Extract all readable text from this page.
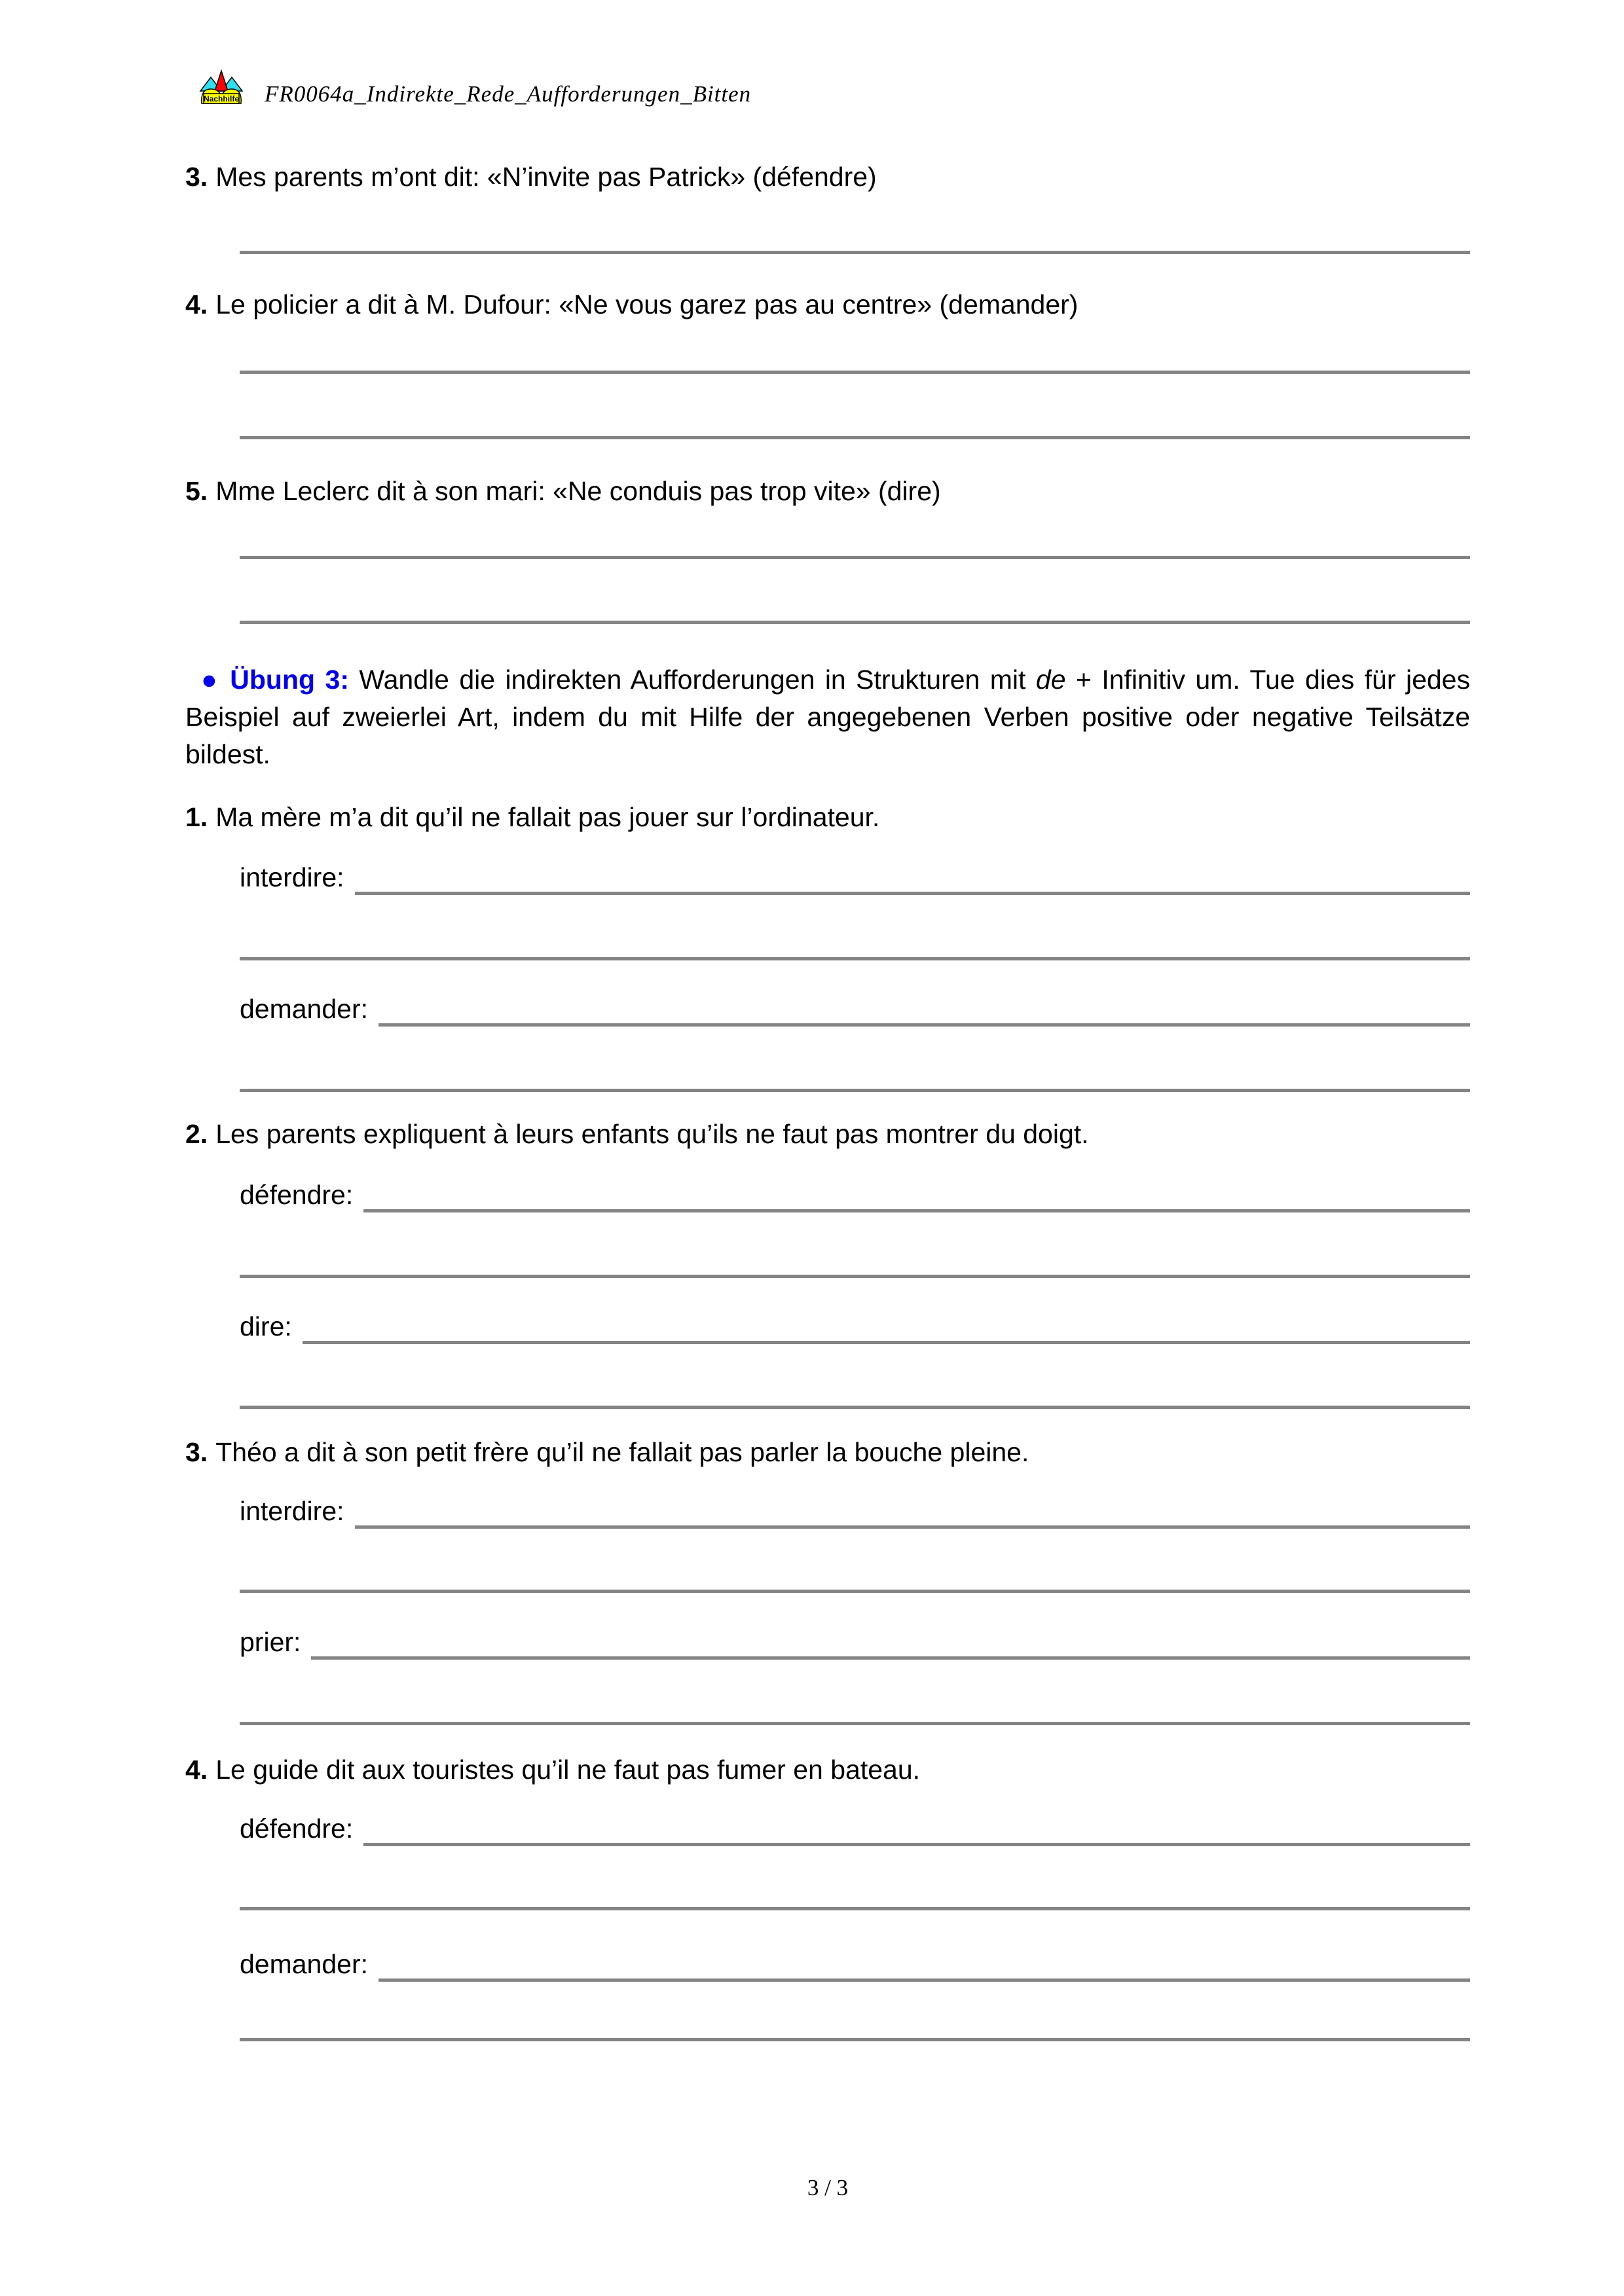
Nachhilfe FR0064a_Indirekte_Rede_Aufforderungen_Bitten
3. Mes parents m’ont dit: «N’invite pas Patrick» (défendre)
4. Le policier a dit à M. Dufour: «Ne vous garez pas au centre» (demander)
5. Mme Leclerc dit à son mari: «Ne conduis pas trop vite» (dire)

● Übung 3: Wandle die indirekten Aufforderungen in Strukturen mit de + Infinitiv um. Tue dies für jedes Beispiel auf zweierlei Art, indem du mit Hilfe der angegebenen Verben positive oder negative Teilsätze bildest.

1. Ma mère m’a dit qu’il ne fallait pas jouer sur l’ordinateur.
interdire:
demander:
2. Les parents expliquent à leurs enfants qu’ils ne faut pas montrer du doigt.
défendre:
dire:
3. Théo a dit à son petit frère qu’il ne fallait pas parler la bouche pleine.
interdire:
prier:
4. Le guide dit aux touristes qu’il ne faut pas fumer en bateau.
défendre:
demander:
3 / 3
